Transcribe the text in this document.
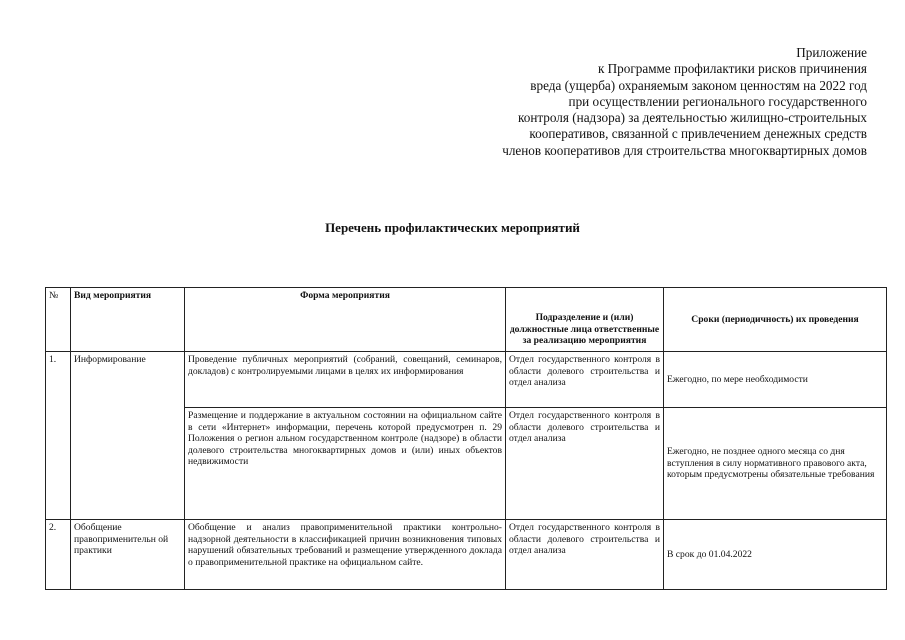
Приложение
к Программе профилактики рисков причинения
вреда (ущерба) охраняемым законом ценностям на 2022 год
при осуществлении регионального государственного
контроля (надзора) за деятельностью жилищно-строительных
кооперативов, связанной с привлечением денежных средств
членов кооперативов для строительства многоквартирных домов
Перечень профилактических мероприятий
№	Вид мероприятия	Форма мероприятия	Подразделение и (или) должностные лица ответственные за реализацию мероприятия	Сроки (периодичность) их проведения
1.	Информирование	Проведение публичных мероприятий (собраний, совещаний, семинаров, докладов) с контролируемыми лицами в целях их информирования	Отдел государственного контроля в области долевого строительства и отдел анализа	Ежегодно, по мере необходимости
		Размещение и поддержание в актуальном состоянии на официальном сайте в сети «Интернет» информации, перечень которой предусмотрен п. 29 Положения о регион альном государственном контроле (надзоре) в области долевого строительства многоквартирных домов и (или) иных объектов недвижимости	Отдел государственного контроля в области долевого строительства и отдел анализа	Ежегодно, не позднее одного месяца со дня вступления в силу нормативного правового акта, которым предусмотрены обязательные требования
2.	Обобщение правоприменительн ой практики	Обобщение и анализ правоприменительной практики контрольно-надзорной деятельности в классификацией причин возникновения типовых нарушений обязательных требований и размещение утвержденного доклада о правоприменительной практике на официальном сайте.	Отдел государственного контроля в области долевого строительства и отдел анализа	В срок до 01.04.2022
